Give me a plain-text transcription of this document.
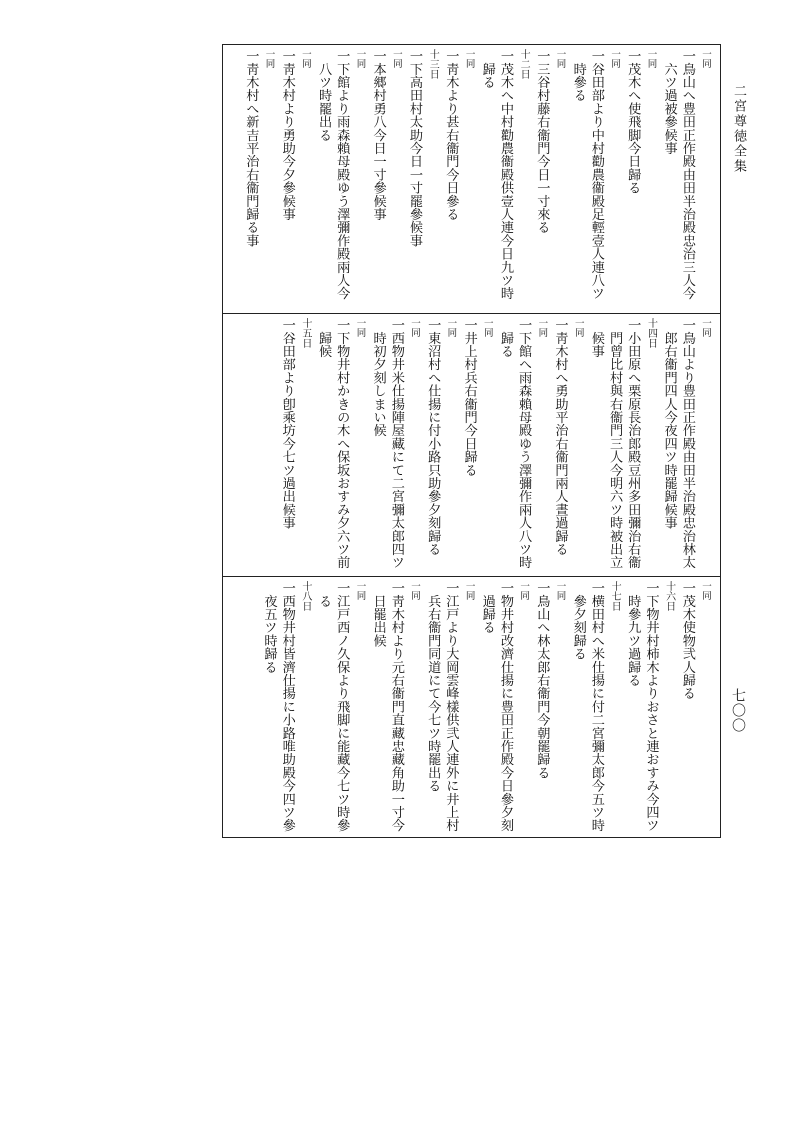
二宮尊徳全集
七〇〇
一同
一鳥山へ豊田正作殿由田半治殿忠治三人今
　六ツ過被參候事
一同
一茂木へ使飛脚今日歸る
一同
一谷田部より中村勸農衞殿足輕壹人連八ツ
　時參る
一同
一三谷村藤右衞門今日一寸來る
十二日
一茂木へ中村勸農衞殿供壹人連今日九ツ時
　歸る
一同
一靑木より甚右衞門今日參る
十三日
一下高田村太助今日一寸罷參候事
一同
一本郷村勇八今日一寸參候事
一同
一下館より雨森賴母殿ゆう澤彌作殿兩人今
　八ツ時罷出る
一同
一靑木村より勇助今夕參候事
一同
一靑木村へ新吉平治右衞門歸る事
一同
一鳥山より豊田正作殿由田半治殿忠治林太
　郎右衞門四人今夜四ツ時罷歸候事
十四日
一小田原へ栗原長治郎殿豆州多田彌治右衞
　門曾比村與右衞門三人今明六ツ時被出立
　候事
一同
一靑木村へ勇助平治右衞門兩人晝過歸る
一同
一下館へ雨森賴母殿ゆう澤彌作兩人八ツ時
　歸る
一同
一井上村兵右衞門今日歸る
一同
一東沼村へ仕揚に付小路只助參夕刻歸る
一同
一西物井米仕揚陣屋藏にて二宮彌太郎四ツ
　時初夕刻しまい候
一同
一下物井村かきの木へ保坂おすみ夕六ツ前
　歸候
十五日
一谷田部より卽乘坊今七ツ過出候事
一同
一茂木使物弐人歸る
十六日
一下物井村柿木よりおさと連おすみ今四ツ
　時參九ツ過歸る
十七日
一横田村へ米仕揚に付二宮彌太郎今五ツ時
　參夕刻歸る
一同
一鳥山へ林太郎右衞門今朝罷歸る
一同
一物井村改濟仕揚に豊田正作殿今日參夕刻
　過歸る
一同
一江戸より大岡雲峰樣供弐人連外に井上村
　兵右衞門同道にて今七ツ時罷出る
一同
一靑木村より元右衞門直藏忠藏角助一寸今
　日罷出候
一同
一江戸西ノ久保より飛脚に能藏今七ツ時參
　る
十八日
一西物井村皆濟仕揚に小路唯助殿今四ツ參
　夜五ツ時歸る
